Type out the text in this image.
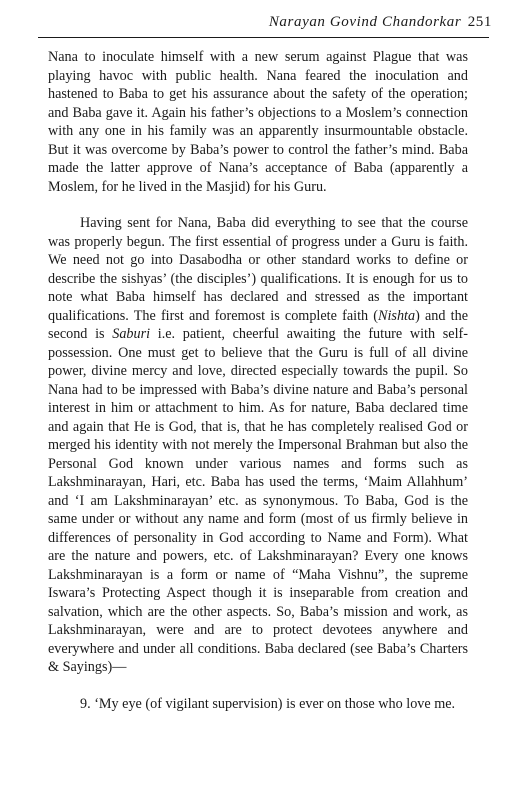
Narayan Govind Chandorkar 251

Nana to inoculate himself with a new serum against Plague that was playing havoc with public health. Nana feared the inoculation and hastened to Baba to get his assurance about the safety of the operation; and Baba gave it. Again his father’s objections to a Moslem’s connection with any one in his family was an apparently insurmountable obstacle. But it was overcome by Baba’s power to control the father’s mind. Baba made the latter approve of Nana’s acceptance of Baba (apparently a Moslem, for he lived in the Masjid) for his Guru.

Having sent for Nana, Baba did everything to see that the course was properly begun. The first essential of progress under a Guru is faith. We need not go into Dasabodha or other standard works to define or describe the sishyas’ (the disciples’) qualifications. It is enough for us to note what Baba himself has declared and stressed as the important qualifications. The first and foremost is complete faith (Nishta) and the second is Saburi i.e. patient, cheerful awaiting the future with self-possession. One must get to believe that the Guru is full of all divine power, divine mercy and love, directed especially towards the pupil. So Nana had to be impressed with Baba’s divine nature and Baba’s personal interest in him or attachment to him. As for nature, Baba declared time and again that He is God, that is, that he has completely realised God or merged his identity with not merely the Impersonal Brahman but also the Personal God known under various names and forms such as Lakshminarayan, Hari, etc. Baba has used the terms, ‘Maim Allahhum’ and ‘I am Lakshminarayan’ etc. as synonymous. To Baba, God is the same under or without any name and form (most of us firmly believe in differences of personality in God according to Name and Form). What are the nature and powers, etc. of Lakshminarayan? Every one knows Lakshminarayan is a form or name of “Maha Vishnu”, the supreme Iswara’s Protecting Aspect though it is inseparable from creation and salvation, which are the other aspects. So, Baba’s mission and work, as Lakshminarayan, were and are to protect devotees anywhere and everywhere and under all conditions. Baba declared (see Baba’s Charters & Sayings)—

9. ‘My eye (of vigilant supervision) is ever on those who love me.
